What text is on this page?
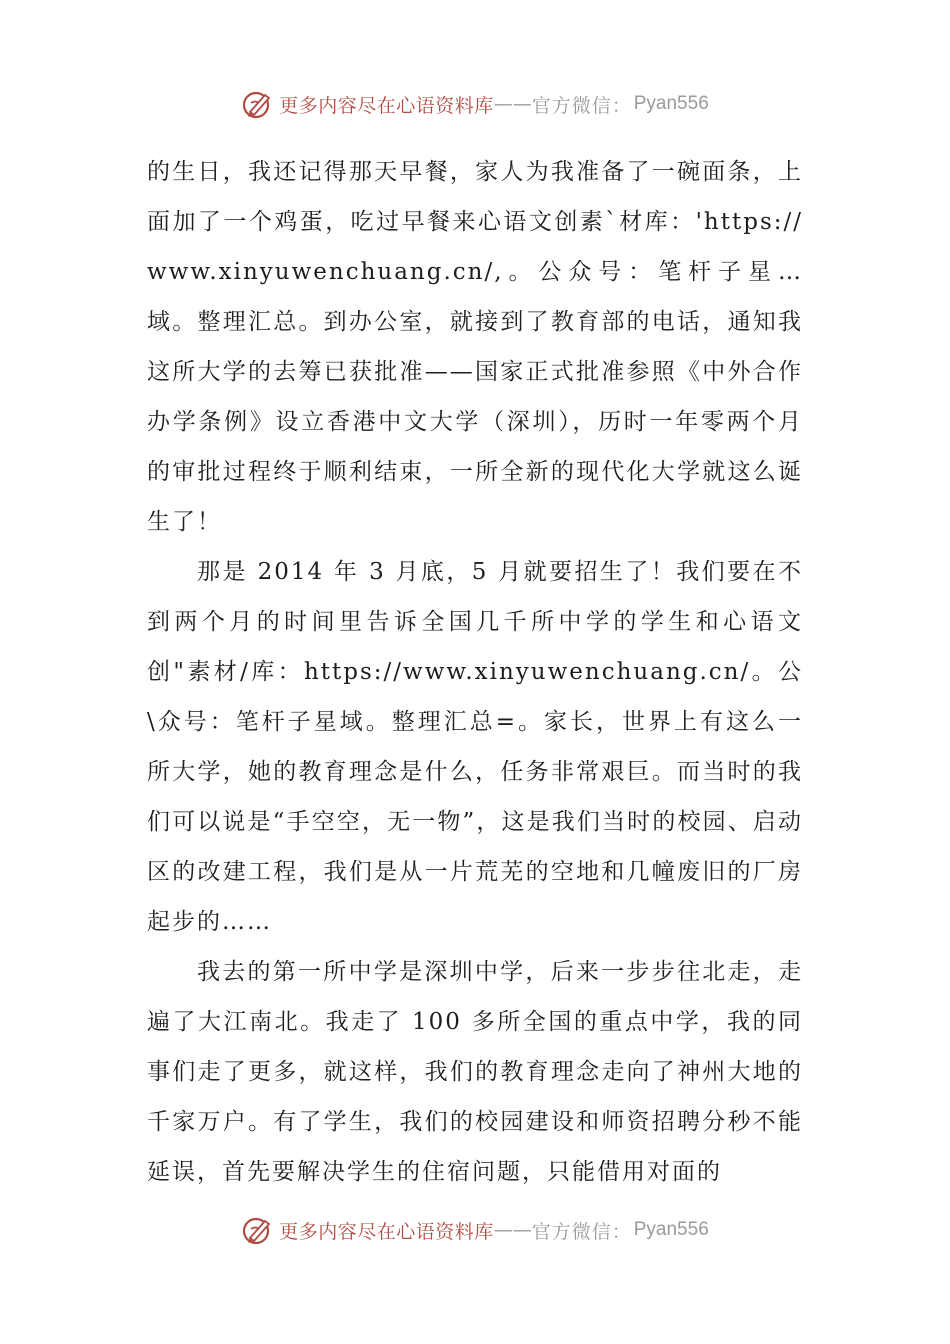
更多内容尽在心语资料库 —— 官方微信： Pyan556

的生日，我还记得那天早餐，家人为我准备了一碗面条，上面加了一个鸡蛋，吃过早餐来心语文创素`材库：'https://www.xinyuwenchuang.cn/,。公众号：笔杆子星…域。整理汇总。到办公室，就接到了教育部的电话，通知我这所大学的去筹已获批准——国家正式批准参照《中外合作办学条例》设立香港中文大学（深圳），历时一年零两个月的审批过程终于顺利结束，一所全新的现代化大学就这么诞生了！

那是 2014 年 3 月底，5 月就要招生了！我们要在不到两个月的时间里告诉全国几千所中学的学生和心语文创"素材/库：https://www.xinyuwenchuang.cn/。公\众号：笔杆子星域。整理汇总=。家长，世界上有这么一所大学，她的教育理念是什么，任务非常艰巨。而当时的我们可以说是“手空空，无一物”，这是我们当时的校园、启动区的改建工程，我们是从一片荒芜的空地和几幢废旧的厂房起步的……

我去的第一所中学是深圳中学，后来一步步往北走，走遍了大江南北。我走了 100 多所全国的重点中学，我的同事们走了更多，就这样，我们的教育理念走向了神州大地的千家万户。有了学生，我们的校园建设和师资招聘分秒不能延误，首先要解决学生的住宿问题，只能借用对面的

更多内容尽在心语资料库 —— 官方微信： Pyan556
